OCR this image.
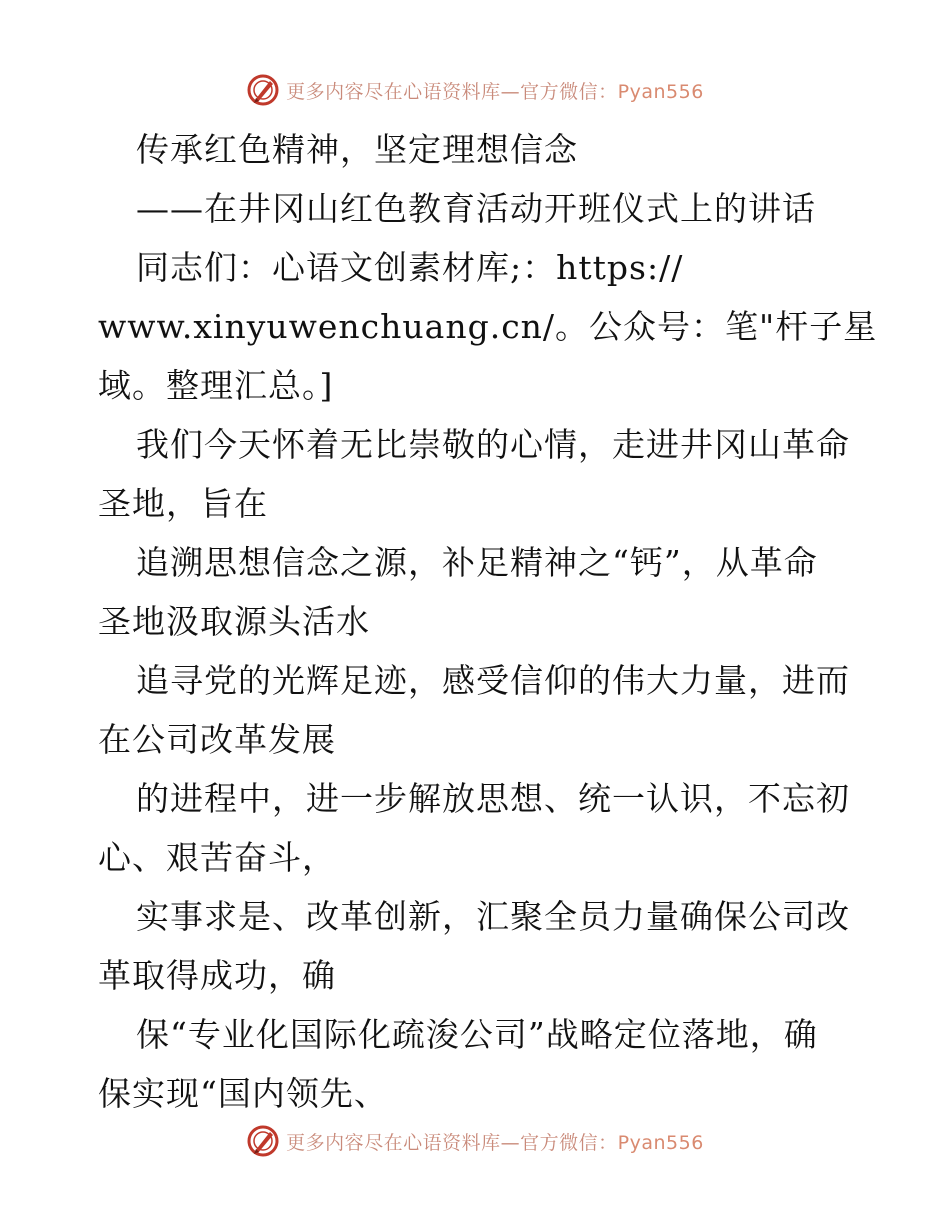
更多内容尽在心语资料库—官方微信：Pyan556
传承红色精神，坚定理想信念
——在井冈山红色教育活动开班仪式上的讲话
同志们：心语文创素材库;：https://
www.xinyuwenchuang.cn/。公众号：笔"杆子星
域。整理汇总。]
我们今天怀着无比崇敬的心情，走进井冈山革命
圣地，旨在
追溯思想信念之源，补足精神之“钙”，从革命
圣地汲取源头活水
追寻党的光辉足迹，感受信仰的伟大力量，进而
在公司改革发展
的进程中，进一步解放思想、统一认识，不忘初
心、艰苦奋斗，
实事求是、改革创新，汇聚全员力量确保公司改
革取得成功，确
保“专业化国际化疏浚公司”战略定位落地，确
保实现“国内领先、
更多内容尽在心语资料库—官方微信：Pyan556
